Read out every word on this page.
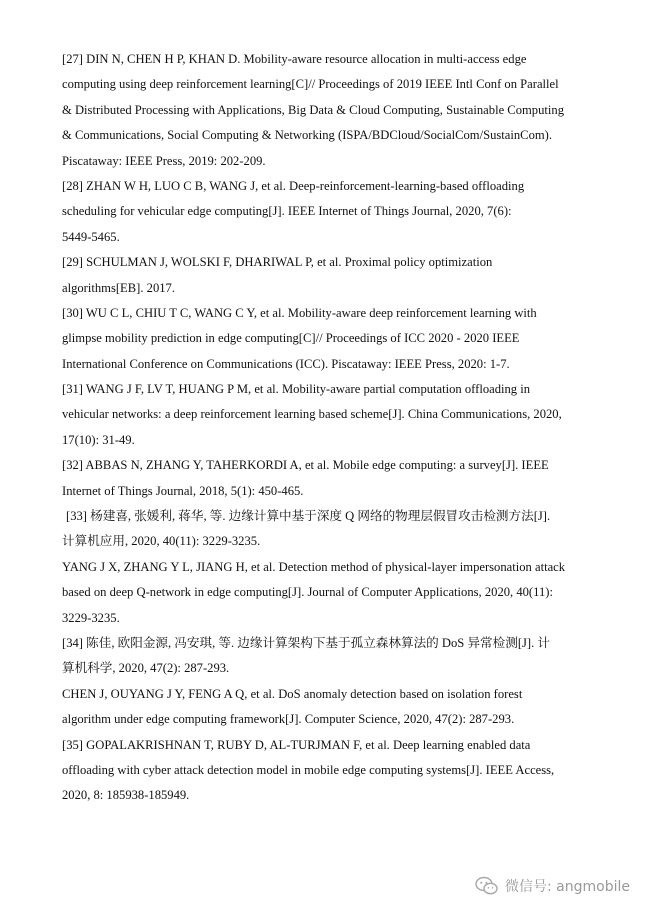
[27] DIN N, CHEN H P, KHAN D. Mobility-aware resource allocation in multi-access edge
computing using deep reinforcement learning[C]// Proceedings of 2019 IEEE Intl Conf on Parallel
& Distributed Processing with Applications, Big Data & Cloud Computing, Sustainable Computing
& Communications, Social Computing & Networking (ISPA/BDCloud/SocialCom/SustainCom).
Piscataway: IEEE Press, 2019: 202-209.
[28] ZHAN W H, LUO C B, WANG J, et al. Deep-reinforcement-learning-based offloading
scheduling for vehicular edge computing[J]. IEEE Internet of Things Journal, 2020, 7(6):
5449-5465.
[29] SCHULMAN J, WOLSKI F, DHARIWAL P, et al. Proximal policy optimization
algorithms[EB]. 2017.
[30] WU C L, CHIU T C, WANG C Y, et al. Mobility-aware deep reinforcement learning with
glimpse mobility prediction in edge computing[C]// Proceedings of ICC 2020 - 2020 IEEE
International Conference on Communications (ICC). Piscataway: IEEE Press, 2020: 1-7.
[31] WANG J F, LV T, HUANG P M, et al. Mobility-aware partial computation offloading in
vehicular networks: a deep reinforcement learning based scheme[J]. China Communications, 2020,
17(10): 31-49.
[32] ABBAS N, ZHANG Y, TAHERKORDI A, et al. Mobile edge computing: a survey[J]. IEEE
Internet of Things Journal, 2018, 5(1): 450-465.
[33] 杨建喜, 张媛利, 蒋华, 等. 边缘计算中基于深度 Q 网络的物理层假冒攻击检测方法[J].
计算机应用, 2020, 40(11): 3229-3235.
YANG J X, ZHANG Y L, JIANG H, et al. Detection method of physical-layer impersonation attack
based on deep Q-network in edge computing[J]. Journal of Computer Applications, 2020, 40(11):
3229-3235.
[34] 陈佳, 欧阳金源, 冯安琪, 等. 边缘计算架构下基于孤立森林算法的 DoS 异常检测[J]. 计
算机科学, 2020, 47(2): 287-293.
CHEN J, OUYANG J Y, FENG A Q, et al. DoS anomaly detection based on isolation forest
algorithm under edge computing framework[J]. Computer Science, 2020, 47(2): 287-293.
[35] GOPALAKRISHNAN T, RUBY D, AL-TURJMAN F, et al. Deep learning enabled data
offloading with cyber attack detection model in mobile edge computing systems[J]. IEEE Access,
2020, 8: 185938-185949.
微信号: angmobile
